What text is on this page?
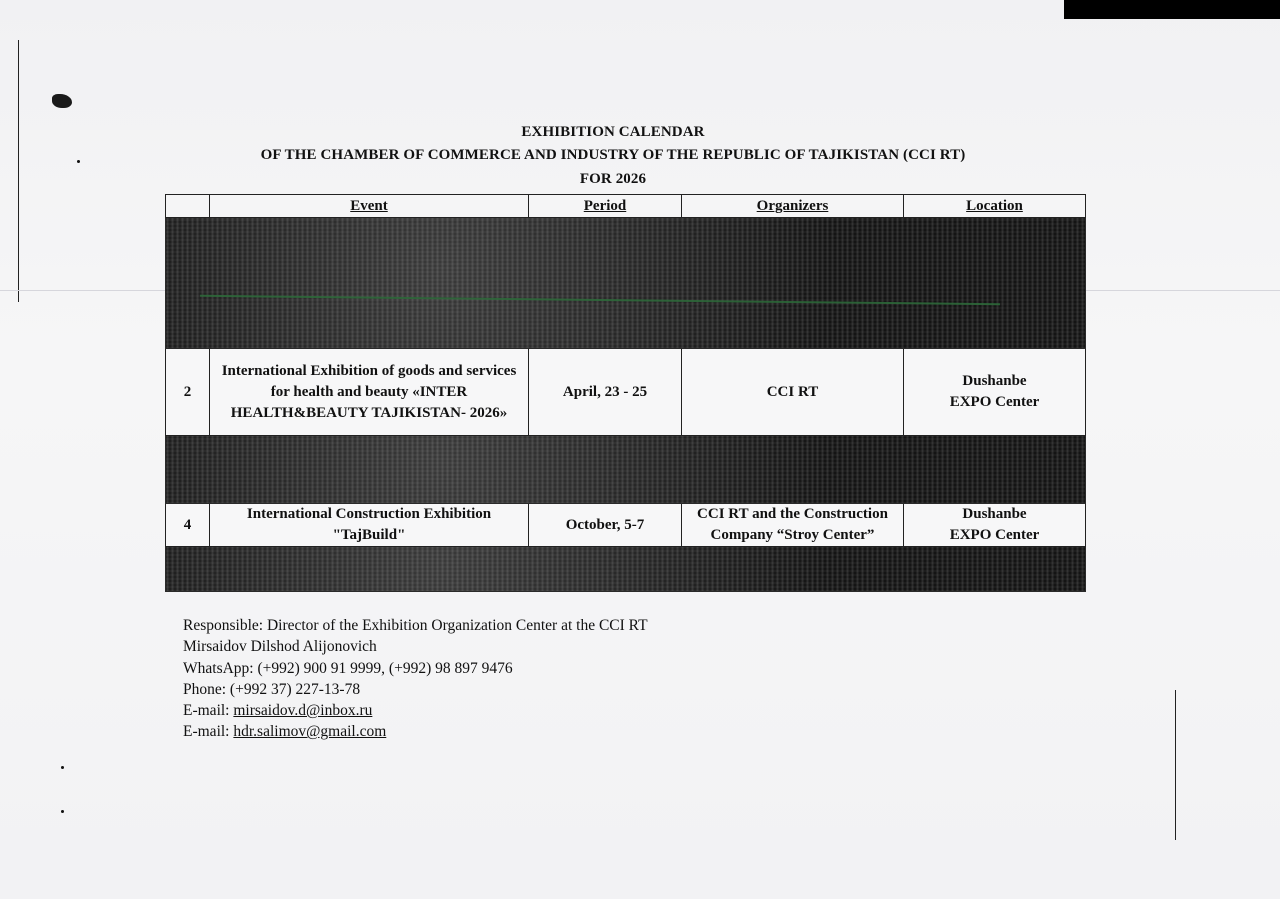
EXHIBITION CALENDAR
OF THE CHAMBER OF COMMERCE AND INDUSTRY OF THE REPUBLIC OF TAJIKISTAN (CCI RT)
FOR 2026
	Event	Period	Organizers	Location

2	International Exhibition of goods and services for health and beauty «INTER HEALTH&BEAUTY TAJIKISTAN- 2026»	April, 23 - 25	CCI RT	Dushanbe
EXPO Center

4	International Construction Exhibition "TajBuild"	October, 5-7	CCI RT and the Construction Company “Stroy Center”	Dushanbe
EXPO Center

Responsible: Director of the Exhibition Organization Center at the CCI RT
Mirsaidov Dilshod Alijonovich
WhatsApp: (+992) 900 91 9999, (+992) 98 897 9476
Phone: (+992 37) 227-13-78
E-mail: mirsaidov.d@inbox.ru
E-mail: hdr.salimov@gmail.com
